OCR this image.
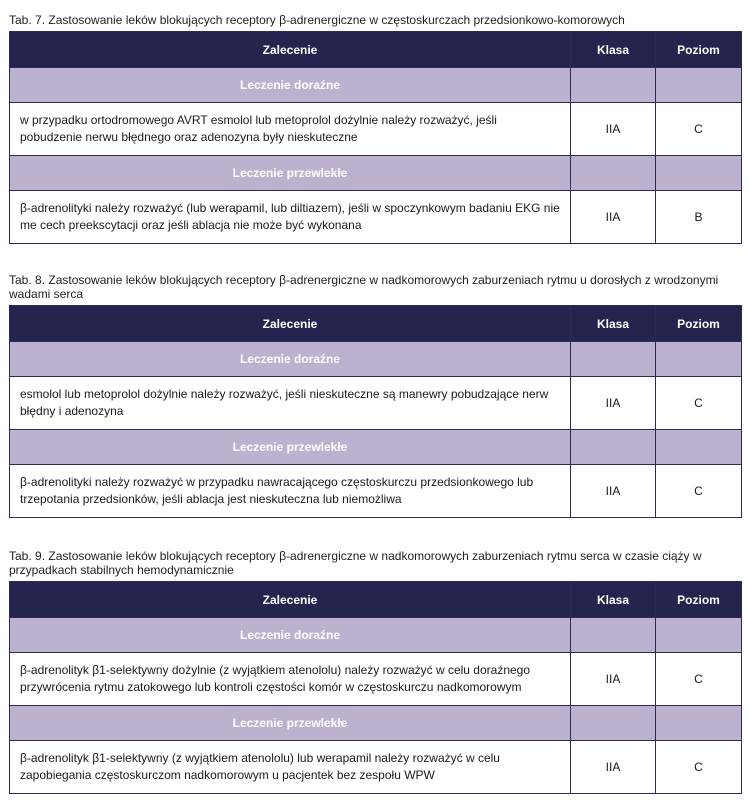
Tab. 7. Zastosowanie leków blokujących receptory β-adrenergiczne w częstoskurczach przedsionkowo-komorowych
Zalecenie	Klasa	Poziom
Leczenie doraźne		
w przypadku ortodromowego AVRT esmolol lub metoprolol dożylnie należy rozważyć, jeśli pobudzenie nerwu błędnego oraz adenozyna były nieskuteczne	IIA	C
Leczenie przewlekłe		
β-adrenolityki należy rozważyć (lub werapamil, lub diltiazem), jeśli w spoczynkowym badaniu EKG nie me cech preekscytacji oraz jeśli ablacja nie może być wykonana	IIA	B
Tab. 8. Zastosowanie leków blokujących receptory β-adrenergiczne w nadkomorowych zaburzeniach rytmu u dorosłych z wrodzonymi wadami serca
Zalecenie	Klasa	Poziom
Leczenie doraźne		
esmolol lub metoprolol dożylnie należy rozważyć, jeśli nieskuteczne są manewry pobudzające nerw błędny i adenozyna	IIA	C
Leczenie przewlekłe		
β-adrenolityki należy rozważyć w przypadku nawracającego częstoskurczu przedsionkowego lub trzepotania przedsionków, jeśli ablacja jest nieskuteczna lub niemożliwa	IIA	C
Tab. 9. Zastosowanie leków blokujących receptory β-adrenergiczne w nadkomorowych zaburzeniach rytmu serca w czasie ciąży w przypadkach stabilnych hemodynamicznie
Zalecenie	Klasa	Poziom
Leczenie doraźne		
β-adrenolityk β1-selektywny dożylnie (z wyjątkiem atenololu) należy rozważyć w celu doraźnego przywrócenia rytmu zatokowego lub kontroli częstości komór w częstoskurczu nadkomorowym	IIA	C
Leczenie przewlekłe		
β-adrenolityk β1-selektywny (z wyjątkiem atenololu) lub werapamil należy rozważyć w celu zapobiegania częstoskurczom nadkomorowym u pacjentek bez zespołu WPW	IIA	C
